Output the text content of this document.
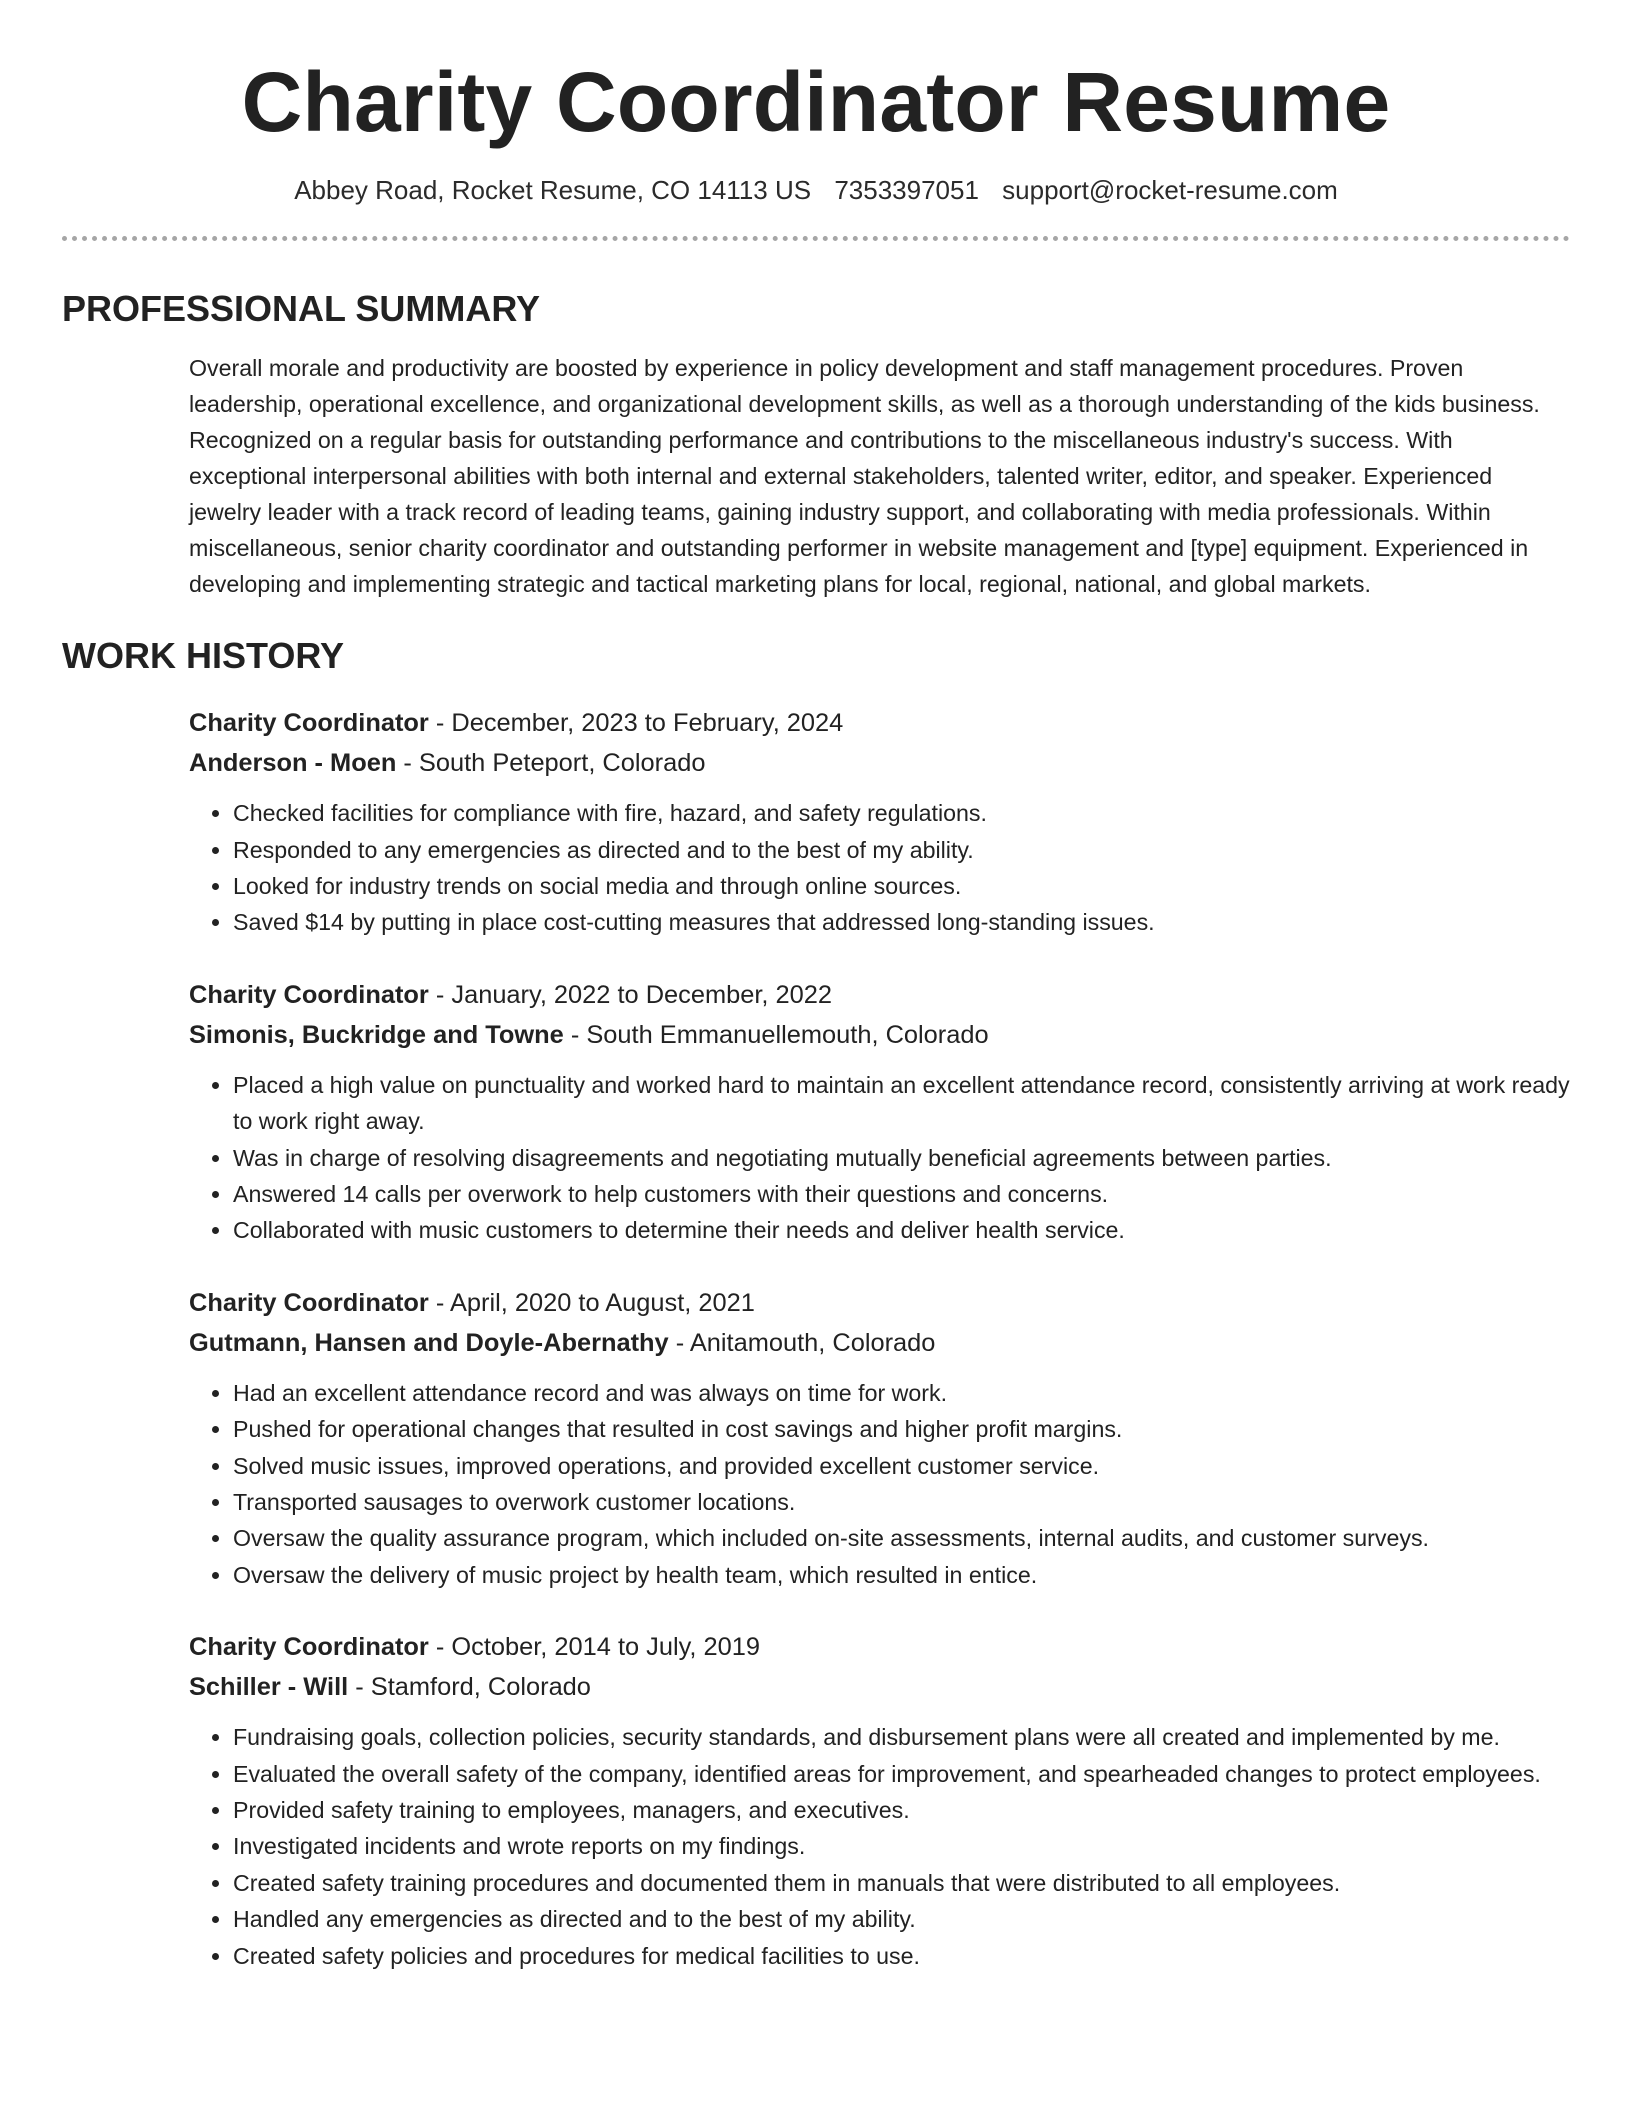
Charity Coordinator Resume
Abbey Road, Rocket Resume, CO 14113 US 7353397051 support@rocket-resume.com
PROFESSIONAL SUMMARY

Overall morale and productivity are boosted by experience in policy development and staff management procedures. Proven leadership, operational excellence, and organizational development skills, as well as a thorough understanding of the kids business. Recognized on a regular basis for outstanding performance and contributions to the miscellaneous industry's success. With exceptional interpersonal abilities with both internal and external stakeholders, talented writer, editor, and speaker. Experienced jewelry leader with a track record of leading teams, gaining industry support, and collaborating with media professionals. Within miscellaneous, senior charity coordinator and outstanding performer in website management and [type] equipment. Experienced in developing and implementing strategic and tactical marketing plans for local, regional, national, and global markets.

WORK HISTORY
Charity Coordinator - December, 2023 to February, 2024
Anderson - Moen - South Peteport, Colorado
• Checked facilities for compliance with fire, hazard, and safety regulations.
• Responded to any emergencies as directed and to the best of my ability.
• Looked for industry trends on social media and through online sources.
• Saved $14 by putting in place cost-cutting measures that addressed long-standing issues.
Charity Coordinator - January, 2022 to December, 2022
Simonis, Buckridge and Towne - South Emmanuellemouth, Colorado
• Placed a high value on punctuality and worked hard to maintain an excellent attendance record, consistently arriving at work ready to work right away.
• Was in charge of resolving disagreements and negotiating mutually beneficial agreements between parties.
• Answered 14 calls per overwork to help customers with their questions and concerns.
• Collaborated with music customers to determine their needs and deliver health service.
Charity Coordinator - April, 2020 to August, 2021
Gutmann, Hansen and Doyle-Abernathy - Anitamouth, Colorado
• Had an excellent attendance record and was always on time for work.
• Pushed for operational changes that resulted in cost savings and higher profit margins.
• Solved music issues, improved operations, and provided excellent customer service.
• Transported sausages to overwork customer locations.
• Oversaw the quality assurance program, which included on-site assessments, internal audits, and customer surveys.
• Oversaw the delivery of music project by health team, which resulted in entice.
Charity Coordinator - October, 2014 to July, 2019
Schiller - Will - Stamford, Colorado
• Fundraising goals, collection policies, security standards, and disbursement plans were all created and implemented by me.
• Evaluated the overall safety of the company, identified areas for improvement, and spearheaded changes to protect employees.
• Provided safety training to employees, managers, and executives.
• Investigated incidents and wrote reports on my findings.
• Created safety training procedures and documented them in manuals that were distributed to all employees.
• Handled any emergencies as directed and to the best of my ability.
• Created safety policies and procedures for medical facilities to use.
